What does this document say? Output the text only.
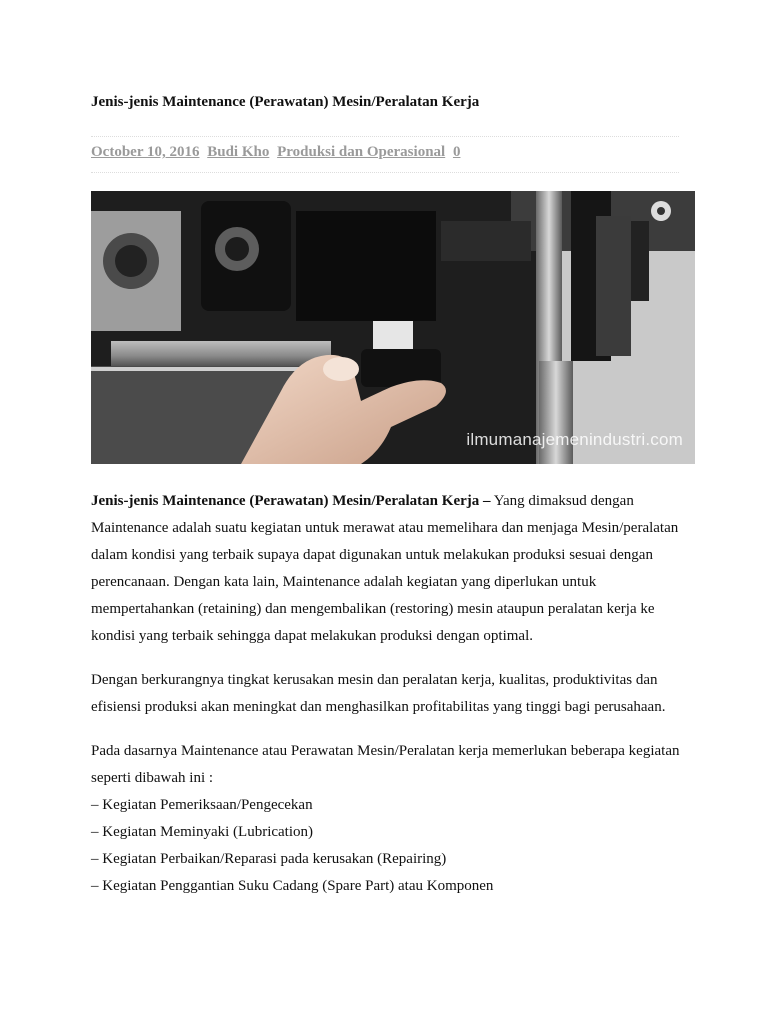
Jenis-jenis Maintenance (Perawatan) Mesin/Peralatan Kerja
October 10, 2016 Budi Kho Produksi dan Operasional 0
ilmumanajemenindustri.com

Jenis-jenis Maintenance (Perawatan) Mesin/Peralatan Kerja – Yang dimaksud dengan Maintenance adalah suatu kegiatan untuk merawat atau memelihara dan menjaga Mesin/peralatan dalam kondisi yang terbaik supaya dapat digunakan untuk melakukan produksi sesuai dengan perencanaan. Dengan kata lain, Maintenance adalah kegiatan yang diperlukan untuk mempertahankan (retaining) dan mengembalikan (restoring) mesin ataupun peralatan kerja ke kondisi yang terbaik sehingga dapat melakukan produksi dengan optimal.

Dengan berkurangnya tingkat kerusakan mesin dan peralatan kerja, kualitas, produktivitas dan efisiensi produksi akan meningkat dan menghasilkan profitabilitas yang tinggi bagi perusahaan.

Pada dasarnya Maintenance atau Perawatan Mesin/Peralatan kerja memerlukan beberapa kegiatan seperti dibawah ini :
– Kegiatan Pemeriksaan/Pengecekan
– Kegiatan Meminyaki (Lubrication)
– Kegiatan Perbaikan/Reparasi pada kerusakan (Repairing)
– Kegiatan Penggantian Suku Cadang (Spare Part) atau Komponen
